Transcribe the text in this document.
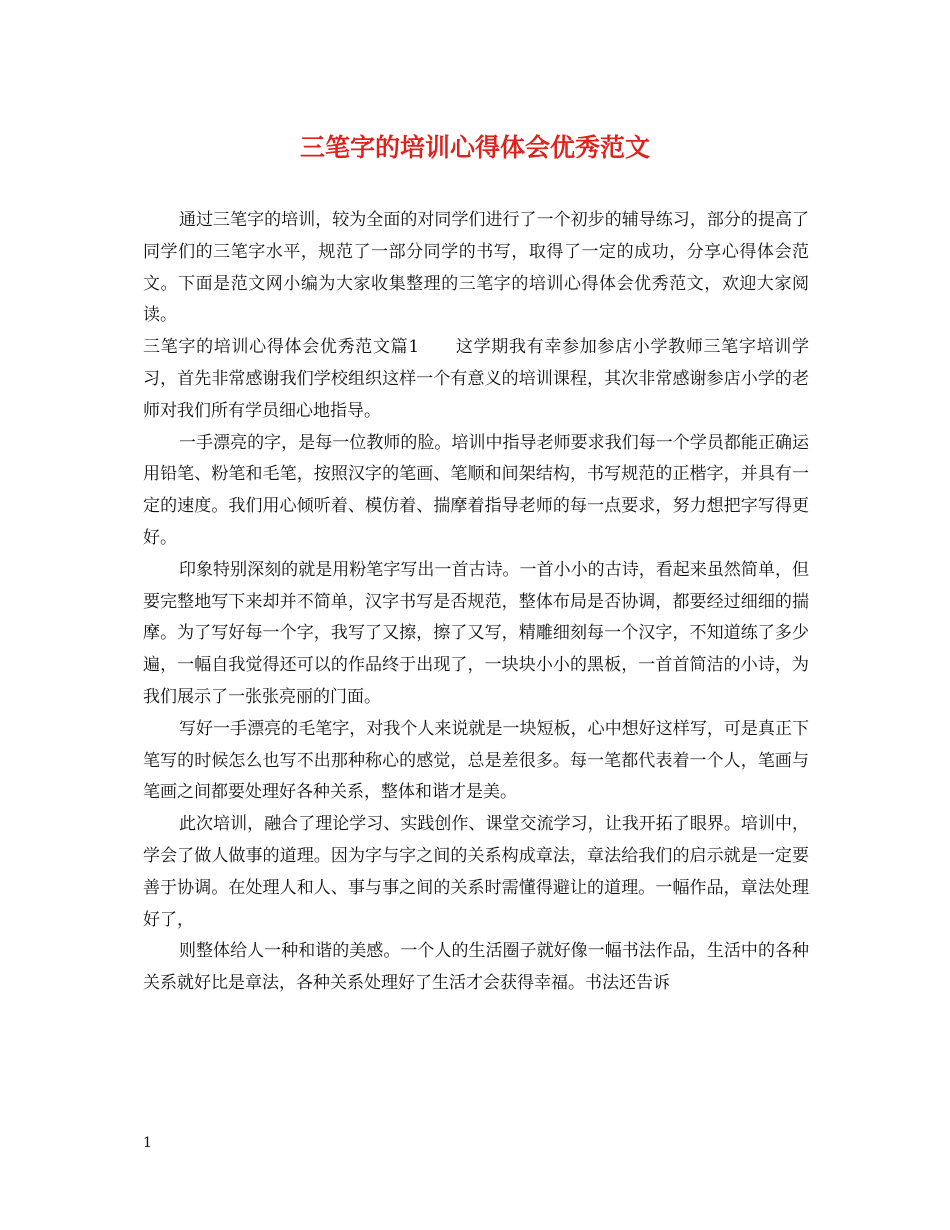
三笔字的培训心得体会优秀范文

通过三笔字的培训，较为全面的对同学们进行了一个初步的辅导练习，部分的提高了同学们的三笔字水平，规范了一部分同学的书写，取得了一定的成功，分享心得体会范文。下面是范文网小编为大家收集整理的三笔字的培训心得体会优秀范文，欢迎大家阅读。

三笔字的培训心得体会优秀范文篇1 这学期我有幸参加参店小学教师三笔字培训学习，首先非常感谢我们学校组织这样一个有意义的培训课程，其次非常感谢参店小学的老师对我们所有学员细心地指导。

一手漂亮的字，是每一位教师的脸。培训中指导老师要求我们每一个学员都能正确运用铅笔、粉笔和毛笔，按照汉字的笔画、笔顺和间架结构，书写规范的正楷字，并具有一定的速度。我们用心倾听着、模仿着、揣摩着指导老师的每一点要求，努力想把字写得更好。

印象特别深刻的就是用粉笔字写出一首古诗。一首小小的古诗，看起来虽然简单，但要完整地写下来却并不简单，汉字书写是否规范，整体布局是否协调，都要经过细细的揣摩。为了写好每一个字，我写了又擦，擦了又写，精雕细刻每一个汉字，不知道练了多少遍，一幅自我觉得还可以的作品终于出现了，一块块小小的黑板，一首首简洁的小诗，为我们展示了一张张亮丽的门面。

写好一手漂亮的毛笔字，对我个人来说就是一块短板，心中想好这样写，可是真正下笔写的时候怎么也写不出那种称心的感觉，总是差很多。每一笔都代表着一个人，笔画与笔画之间都要处理好各种关系，整体和谐才是美。

此次培训，融合了理论学习、实践创作、课堂交流学习，让我开拓了眼界。培训中，学会了做人做事的道理。因为字与字之间的关系构成章法，章法给我们的启示就是一定要善于协调。在处理人和人、事与事之间的关系时需懂得避让的道理。一幅作品，章法处理好了，

则整体给人一种和谐的美感。一个人的生活圈子就好像一幅书法作品，生活中的各种关系就好比是章法，各种关系处理好了生活才会获得幸福。书法还告诉

1
